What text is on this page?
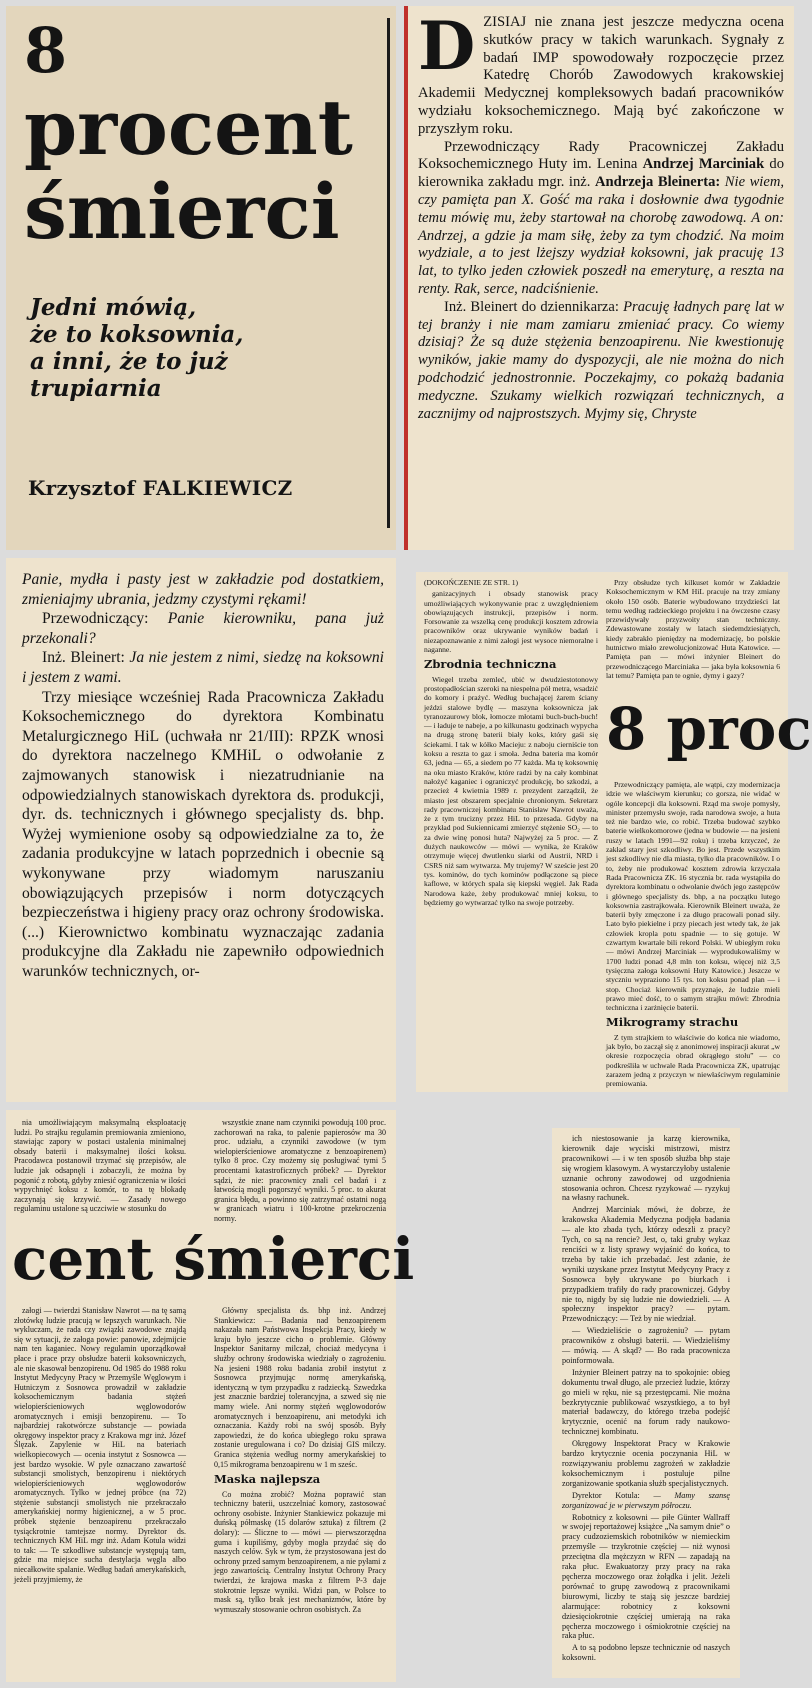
8
procent
śmierci
Jedni mówią,
że to koksownia,
a inni, że to już
trupiarnia
Krzysztof FALKIEWICZ

DZISIAJ nie znana jest jeszcze medyczna ocena skutków pracy w takich warunkach. Sygnały z badań IMP spowodowały rozpoczęcie przez Katedrę Chorób Zawodowych krakowskiej Akademii Medycznej kompleksowych badań pracowników wydziału koksochemicznego. Mają być zakończone w przyszłym roku.

Przewodniczący Rady Pracowniczej Zakładu Koksochemicznego Huty im. Lenina Andrzej Marciniak do kierownika zakładu mgr. inż. Andrzeja Bleinerta: Nie wiem, czy pamięta pan X. Gość ma raka i dosłownie dwa tygodnie temu mówię mu, żeby startował na chorobę zawodową. A on: Andrzej, a gdzie ja mam siłę, żeby za tym chodzić. Na moim wydziale, a to jest lżejszy wydział koksowni, jak pracuję 13 lat, to tylko jeden człowiek poszedł na emeryturę, a reszta na renty. Rak, serce, nadciśnienie.

Inż. Bleinert do dziennikarza: Pracuję ładnych parę lat w tej branży i nie mam zamiaru zmieniać pracy. Co wiemy dzisiaj? Że są duże stężenia benzoapirenu. Nie kwestionuję wyników, jakie mamy do dyspozycji, ale nie można do nich podchodzić jednostronnie. Poczekajmy, co pokażą badania medyczne. Szukamy wielkich rozwiązań technicznych, a zacznijmy od najprostszych. Myjmy się, Chryste

Panie, mydła i pasty jest w zakładzie pod dostatkiem, zmieniajmy ubrania, jedzmy czystymi rękami!

Przewodniczący: Panie kierowniku, pana już przekonali?

Inż. Bleinert: Ja nie jestem z nimi, siedzę na koksowni i jestem z wami.

Trzy miesiące wcześniej Rada Pracownicza Zakładu Koksochemicznego do dyrektora Kombinatu Metalurgicznego HiL (uchwała nr 21/III): RPZK wnosi do dyrektora naczelnego KMHiL o odwołanie z zajmowanych stanowisk i niezatrudnianie na odpowiedzialnych stanowiskach dyrektora ds. produkcji, dyr. ds. technicznych i głównego specjalisty ds. bhp. Wyżej wymienione osoby są odpowiedzialne za to, że zadania produkcyjne w latach poprzednich i obecnie są wykonywane przy wiadomym naruszaniu obowiązujących przepisów i norm dotyczących bezpieczeństwa i higieny pracy oraz ochrony środowiska. (...) Kierownictwo kombinatu wyznaczając zadania produkcyjne dla Zakładu nie zapewniło odpowiednich warunków technicznych, or-

(DOKOŃCZENIE ZE STR. 1)

ganizacyjnych i obsady stanowisk pracy umożliwiających wykonywanie prac z uwzględnieniem obowiązujących instrukcji, przepisów i norm. Forsowanie za wszelką cenę produkcji kosztem zdrowia pracowników oraz ukrywanie wyników badań i niezapoznawanie z nimi załogi jest wysoce niemoralne i naganne.

Zbrodnia techniczna

Wiegel trzeba zemleć, ubić w dwudziestotonowy prostopadłościan szeroki na niespełna pół metra, wsadzić do komory i prażyć. Według buchającej żarem ściany jeździ stalowe bydlę — maszyna koksownicza jak tyranozaurowy blok, łomocze młotami buch-buch-buch! — i ładuje te nabeje, a po kilkunastu godzinach wypycha na drugą stronę baterii biały koks, który gaśi się ściekami. I tak w kółko Macieju: z naboju cierniście ton koksu a reszta to gaz i smoła. Jedna bateria ma komór 63, jedna — 65, a siedem po 77 każda. Ma tę koksownię na oku miasto Kraków, które radzi by na cały kombinat nałożyć kaganiec i ograniczyć produkcję, bo szkodzi, a przecież 4 kwietnia 1989 r. prezydent zarządził, że miasto jest obszarem specjalnie chronionym. Sekretarz rady pracowniczej kombinatu Stanisław Nawrot uważa, że z tym trucizny przez HiL to przesada. Gdyby na przykład pod Sukiennicami zmierzyć stężenie SO₂ — to za dwie winę ponosi huta? Najwyżej za 5 proc. — Z dużych naukowców — mówi — wynika, że Kraków otrzymuje więcej dwutlenku siarki od Austrii, NRD i CSRS niż sam wytwarza. My trujemy? W szeście jest 20 tys. kominów, do tych kominów podłączone są piece kaflowe, w których spala się kiepski węgiel. Jak Rada Narodowa każe, żeby produkować mniej koksu, to będziemy go wytwarzać tylko na swoje potrzeby.

Przy obsłudze tych kilkuset komór w Zakładzie Koksochemicznym w KM HiL pracuje na trzy zmiany około 150 osób. Baterie wybudowano trzydzieści lat temu według radzieckiego projektu i na ówczesne czasy przewidywały przyzwoity stan techniczny. Zdewastowane zostały w latach siedemdziesiątych, kiedy zabrakło pieniędzy na modernizację, bo polskie hutnictwo miało zrewolucjonizować Huta Katowice. — Pamięta pan — mówi inżynier Bleinert do przewodniczącego Marciniaka — jaka była koksownia 6 lat temu? Pamięta pan te ognie, dymy i gazy?

8 proc

Przewodniczący pamięta, ale wątpi, czy modernizacja idzie we właściwym kierunku; co gorsza, nie widać w ogóle koncepcji dla koksowni. Rząd ma swoje pomysły, minister przemysłu swoje, rada narodowa swoje, a huta też nie bardzo wie, co robić. Trzeba budować szybko baterie wielkokomorowe (jedna w budowie — na jesieni ruszy w latach 1991—92 roku) i trzeba krzyczeć, że zakład stary jest szkodliwy. Bo jest. Przede wszystkim jest szkodliwy nie dla miasta, tylko dla pracowników. I o to, żeby nie produkować kosztem zdrowia krzyczała Rada Pracownicza ZK. 16 stycznia br. rada wystąpiła do dyrektora kombinatu o odwołanie dwóch jego zastępców i głównego specjalisty ds. bhp, a na początku lutego koksownia zastrajkowała. Kierownik Bleinert uważa, że baterii były zmęczone i za długo pracowali ponad siły. Lato było piekielne i przy piecach jest wtedy tak, że jak człowiek kropla potu spadnie — to się gotuje. W czwartym kwartale bili rekord Polski. W ubiegłym roku — mówi Andrzej Marciniak — wyprodukowaliśmy w 1700 ludzi ponad 4,8 mln ton koksu, więcej niż 3,5 tysięczna załoga koksowni Huty Katowice.) Jeszcze w styczniu wypraziono 15 tys. ton koksu ponad plan — i stop. Chociaż kierownik przyznaje, że ludzie mieli prawo mieć dość, to o samym strajku mówi: Zbrodnia techniczna i zarżnięcie baterii.

Mikrogramy strachu

Z tym strajkiem to właściwie do końca nie wiadomo, jak było, bo zaczął się z anonimowej inspiracji akurat „w okresie rozpoczęcia obrad okrągłego stołu” — co podkreśliła w uchwale Rada Pracownicza ZK, upatrując zarazem jedną z przyczyn w niewłaściwym regulaminie premiowania.

nia umożliwiającym maksymalną eksploatację ludzi. Po strajku regulamin premiowania zmieniono, stawiając zapory w postaci ustalenia minimalnej obsady baterii i maksymalnej ilości koksu. Pracodawca postanowił trzymać się przepisów, ale ludzie jak odsapnęli i zobaczyli, że można by pogonić z robotą, gdyby zniesić ograniczenia w ilości wypychnięć koksu z komór, to na tę blokadę zaczynają się krzywić. — Zasady nowego regulaminu ustalone są uczciwie w stosunku do

wszystkie znane nam czynniki powodują 100 proc. zachorowań na raka, to palenie papierosów ma 30 proc. udziału, a czynniki zawodowe (w tym wielopierścieniowe aromatyczne z benzoapirenem) tylko 8 proc. Czy możemy się posługiwać tymi 5 procentami katastroficznych próbek? — Dyrektor sądzi, że nie: pracownicy znali cel badań i z łatwością mogli pogorszyć wyniki. 5 proc. to akurat granica błędu, a powinno się zatrzymać ostatni nogą w granicach wiatru i 100-krotne przekroczenia normy.

cent śmierci

załogi — twierdzi Stanisław Nawrot — na tę samą złotówkę ludzie pracują w lepszych warunkach. Nie wykluczam, że rada czy związki zawodowe znajdą się w sytuacji, że załoga powie: panowie, zdejmijcie nam ten kaganiec. Nowy regulamin uporządkował płace i prace przy obsłudze baterii koksowniczych, ale nie skasował benzopirenu. Od 1985 do 1988 roku Instytut Medycyny Pracy w Przemyśle Węglowym i Hutniczym z Sosnowca prowadził w zakładzie koksochemicznym badania stężeń wielopierścieniowych węglowodorów aromatycznych i emisji benzopirenu. — To najbardziej rakotwórcze substancje — powiada okręgowy inspektor pracy z Krakowa mgr inż. Józef Ślęzak. Zapylenie w HiL na bateriach wielkopiecowych — ocenia instytut z Sosnowca — jest bardzo wysokie. W pyle oznaczano zawartość substancji smolistych, benzopirenu i niektórych wielopierścieniowych węglowodorów aromatycznych. Tylko w jednej próbce (na 72) stężenie substancji smolistych nie przekraczało amerykańskiej normy higienicznej, a w 5 proc. próbek stężenie benzoapirenu przekraczało tysiąckrotnie tamtejsze normy. Dyrektor ds. technicznych KM HiL mgr inż. Adam Kotula widzi to tak: — Te szkodliwe substancje występują tam, gdzie ma miejsce sucha destylacja węgla albo niecałkowite spalanie. Według badań amerykańskich, jeżeli przyjmiemy, że

Główny specjalista ds. bhp inż. Andrzej Stankiewicz: — Badania nad benzoapirenem nakazała nam Państwowa Inspekcja Pracy, kiedy w kraju było jeszcze cicho o problemie. Główny Inspektor Sanitarny milczał, chociaż medycyna i służby ochrony środowiska wiedziały o zagrożeniu. Na jesieni 1988 roku badania zrobił instytut z Sosnowca przyjmując normę amerykańską, identyczną w tym przypadku z radziecką. Szwedzka jest znacznie bardziej tolerancyjna, a szwed się nie mamy wiele. Ani normy stężeń węglowodorów aromatycznych i benzoapirenu, ani metodyki ich oznaczania. Każdy robi na swój sposób. Były zapowiedzi, że do końca ubiegłego roku sprawa zostanie uregulowana i co? Do dzisiaj GIS milczy. Granica stężenia według normy amerykańskiej to 0,15 mikrograma benzoapirenu w 1 m sześc.

Maska najlepsza

Co można zrobić? Można poprawić stan techniczny baterii, uszczelniać komory, zastosować ochrony osobiste. Inżynier Stankiewicz pokazuje mi duńską półmaskę (15 dolarów sztuka) z filtrem (2 dolary): — Śliczne to — mówi — pierwszorzędna guma i kupiliśmy, gdyby mogła przydać się do naszych celów. Syk w tym, że przystosowana jest do ochrony przed samym benzoapirenem, a nie pyłami z jego zawartością. Centralny Instytut Ochrony Pracy twierdzi, że krajowa maska z filtrem P-3 daje stokrotnie lepsze wyniki. Widzi pan, w Polsce to mask są, tylko brak jest mechanizmów, które by wymuszały stosowanie ochron osobistych. Za

ich niestosowanie ja karzę kierownika, kierownik daje wyciski mistrzowi, mistrz pracownikowi — i w ten sposób służba bhp staje się wrogiem klasowym. A wystarczyłoby ustalenie uznanie ochrony zawodowej od uzgodnienia stosowania ochron. Chcesz ryzykować — ryzykuj na własny rachunek.

Andrzej Marciniak mówi, że dobrze, że krakowska Akademia Medyczna podjęła badania — ale kto zbada tych, którzy odeszli z pracy? Tych, co są na rencie? Jest, o, taki gruby wykaz renciści w z listy sprawy wyjaśnić do końca, to trzeba by takie ich przebadać. Jest zdanie, że wyniki uzyskane przez Instytut Medycyny Pracy z Sosnowca były ukrywane po biurkach i przypadkiem trafiły do rady pracowniczej. Gdyby nie to, nigdy by się ludzie nie dowiedzieli. — A społeczny inspektor pracy? — pytam. Przewodniczący: — Też by nie wiedział.

— Wiedzieliście o zagrożeniu? — pytam pracowników z obsługi baterii. — Wiedzieliśmy — mówią. — A skąd? — Bo rada pracownicza poinformowała.

Inżynier Bleinert patrzy na to spokojnie: obieg dokumentu trwał długo, ale przecież ludzie, którzy go mieli w ręku, nie są przestępcami. Nie można bezkrytycznie publikować wszystkiego, a to był materiał badawczy, do którego trzeba podejść krytycznie, ocenić na forum rady naukowo-technicznej kombinatu.

Okręgowy Inspektorat Pracy w Krakowie bardzo krytycznie ocenia poczynania HiL w rozwiązywaniu problemu zagrożeń w zakładzie koksochemicznym i postuluje pilne zorganizowanie spotkania służb specjalistycznych.

Dyrektor Kotula: — Mamy szansę zorganizować je w pierwszym półroczu.

Robotnicy z koksowni — piłe Günter Wallraff w swojej reportażowej książce „Na samym dnie” o pracy cudzoziemskich robotników w niemieckim przemyśle — trzykrotnie częściej — niż wynosi przeciętna dla mężczyzn w RFN — zapadają na raka płuc. Ewakuatorzy przy pracy na raka pęcherza moczowego oraz żołądka i jelit. Jeżeli porównać to grupę zawodową z pracownikami biurowymi, liczby te stają się jeszcze bardziej alarmujące: robotnicy z koksowni dziesięciokrotnie częściej umierają na raka pęcherza moczowego i ośmiokrotnie częściej na raka płuc.

A to są podobno lepsze technicznie od naszych koksowni.
